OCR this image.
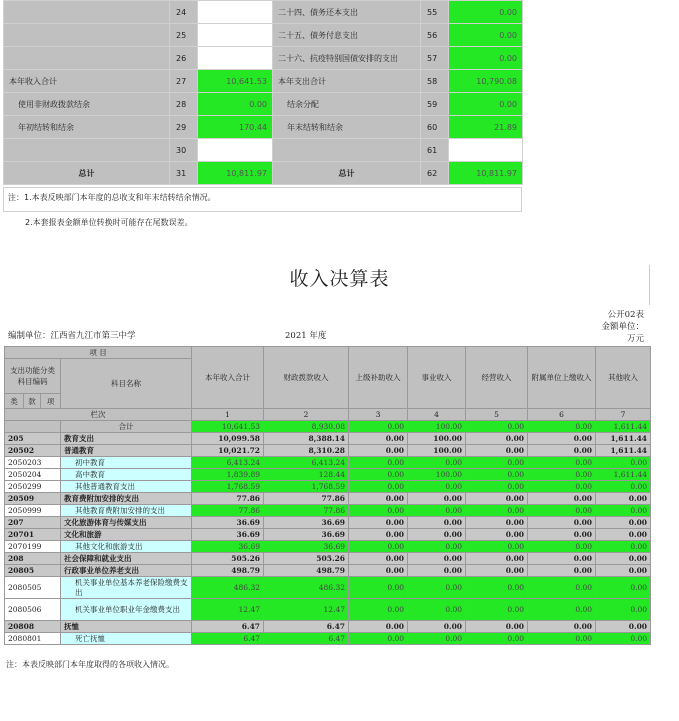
	24		二十四、债务还本支出	55	0.00
	25		二十五、债务付息支出	56	0.00
	26		二十六、抗疫特别国债安排的支出	57	0.00
本年收入合计	27	10,641.53	本年支出合计	58	10,790.08
使用非财政拨款结余	28	0.00	结余分配	59	0.00
年初结转和结余	29	170.44	年末结转和结余	60	21.89
	30			61	
总计	31	10,811.97	总计	62	10,811.97
注：1.本表反映部门本年度的总收支和年末结转结余情况。
2.本套报表金额单位转换时可能存在尾数误差。
收入决算表
公开02表
金额单位：
万元
编制单位：江西省九江市第三中学	2021 年度
项 目				本年收入合计	财政拨款收入	上级补助收入	事业收入	经营收入	附属单位上缴收入	其他收入
支出功能分类科目编码			科目名称							
类	款	项								
栏次				1	2	3	4	5	6	7
			合计	10,641.53	8,930.08	0.00	100.00	0.00	0.00	1,611.44
205			教育支出	10,099.58	8,388.14	0.00	100.00	0.00	0.00	1,611.44
20502			普通教育	10,021.72	8,310.28	0.00	100.00	0.00	0.00	1,611.44
2050203			初中教育	6,413.24	6,413.24	0.00	0.00	0.00	0.00	0.00
2050204			高中教育	1,839.89	128.44	0.00	100.00	0.00	0.00	1,611.44
2050299			其他普通教育支出	1,768.59	1,768.59	0.00	0.00	0.00	0.00	0.00
20509			教育费附加安排的支出	77.86	77.86	0.00	0.00	0.00	0.00	0.00
2050999			其他教育费附加安排的支出	77.86	77.86	0.00	0.00	0.00	0.00	0.00
207			文化旅游体育与传媒支出	36.69	36.69	0.00	0.00	0.00	0.00	0.00
20701			文化和旅游	36.69	36.69	0.00	0.00	0.00	0.00	0.00
2070199			其他文化和旅游支出	36.69	36.69	0.00	0.00	0.00	0.00	0.00
208			社会保障和就业支出	505.26	505.26	0.00	0.00	0.00	0.00	0.00
20805			行政事业单位养老支出	498.79	498.79	0.00	0.00	0.00	0.00	0.00
2080505			机关事业单位基本养老保险缴费支出	486.32	486.32	0.00	0.00	0.00	0.00	0.00
2080506			机关事业单位职业年金缴费支出	12.47	12.47	0.00	0.00	0.00	0.00	0.00
20808			抚恤	6.47	6.47	0.00	0.00	0.00	0.00	0.00
2080801			死亡抚恤	6.47	6.47	0.00	0.00	0.00	0.00	0.00
注：本表反映部门本年度取得的各项收入情况。
